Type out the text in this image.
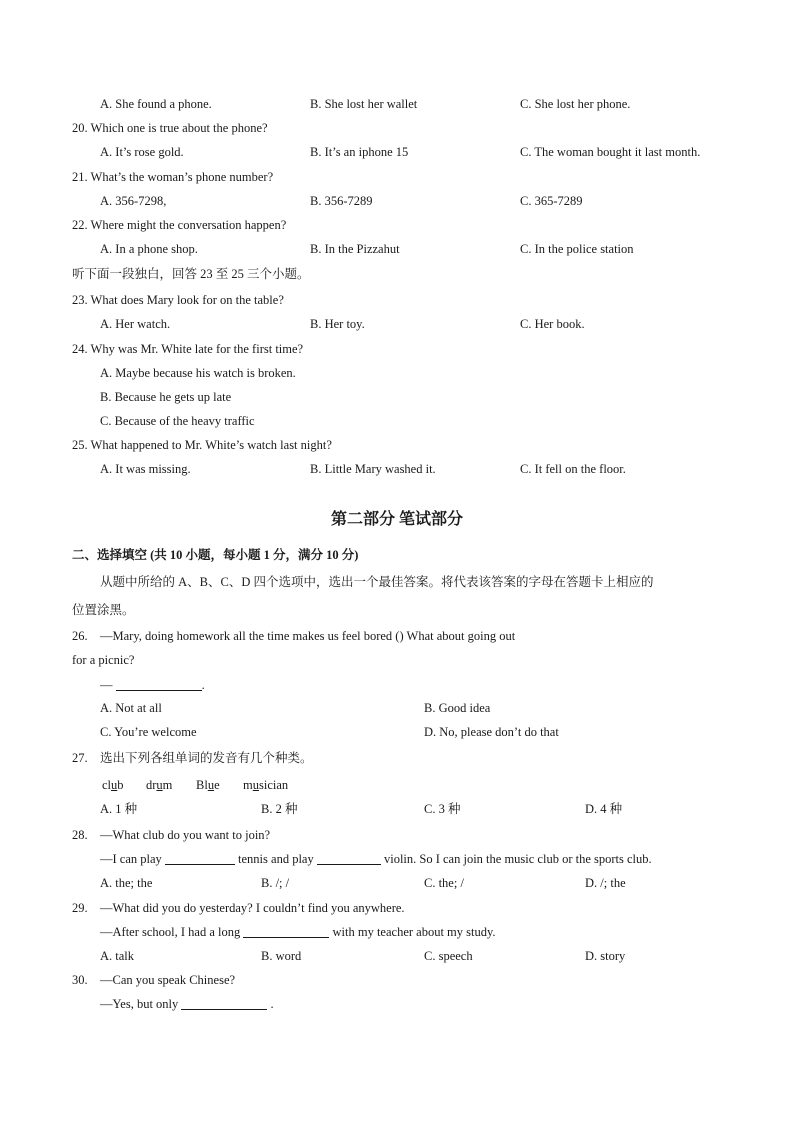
A. She found a phone.	B. She lost her wallet	C. She lost her phone.
20. Which one is true about the phone?
A. It’s rose gold.	B. It’s an iphone 15	C. The woman bought it last month.
21. What’s the woman’s phone number?
A. 356-7298,	B. 356-7289	C. 365-7289
22. Where might the conversation happen?
A. In a phone shop.	B. In the Pizzahut	C. In the police station
听下面一段独白，回答 23 至 25 三个小题。
23. What does Mary look for on the table?
A. Her watch.	B. Her toy.	C. Her book.
24. Why was Mr. White late for the first time?
A. Maybe because his watch is broken.
B. Because he gets up late
C. Because of the heavy traffic
25. What happened to Mr. White’s watch last night?
A. It was missing.	B. Little Mary washed it.	C. It fell on the floor.
第二部分 笔试部分
二、选择填空 (共 10 小题，每小题 1 分，满分 10 分)
从题中所给的 A、B、C、D 四个选项中，选出一个最佳答案。将代表该答案的字母在答题卡上相应的
位置涂黑。
26. —Mary, doing homework all the time makes us feel bored () What about going out
for a picnic?
—	.
A. Not at all	B. Good idea
C. You’re welcome	D. No, please don’t do that
27. 选出下列各组单词的发音有几个种类。
club drum Blue musician
A. 1 种	B. 2 种	C. 3 种	D. 4 种
28. —What club do you want to join?
—I can play	tennis and play	violin. So I can join the music club or the sports club.
A. the; the	B. /; /	C. the; /	D. /; the
29. —What did you do yesterday? I couldn’t find you anywhere.
—After school, I had a long	with my teacher about my study.
A. talk	B. word	C. speech	D. story
30. —Can you speak Chinese?
—Yes, but only	.
